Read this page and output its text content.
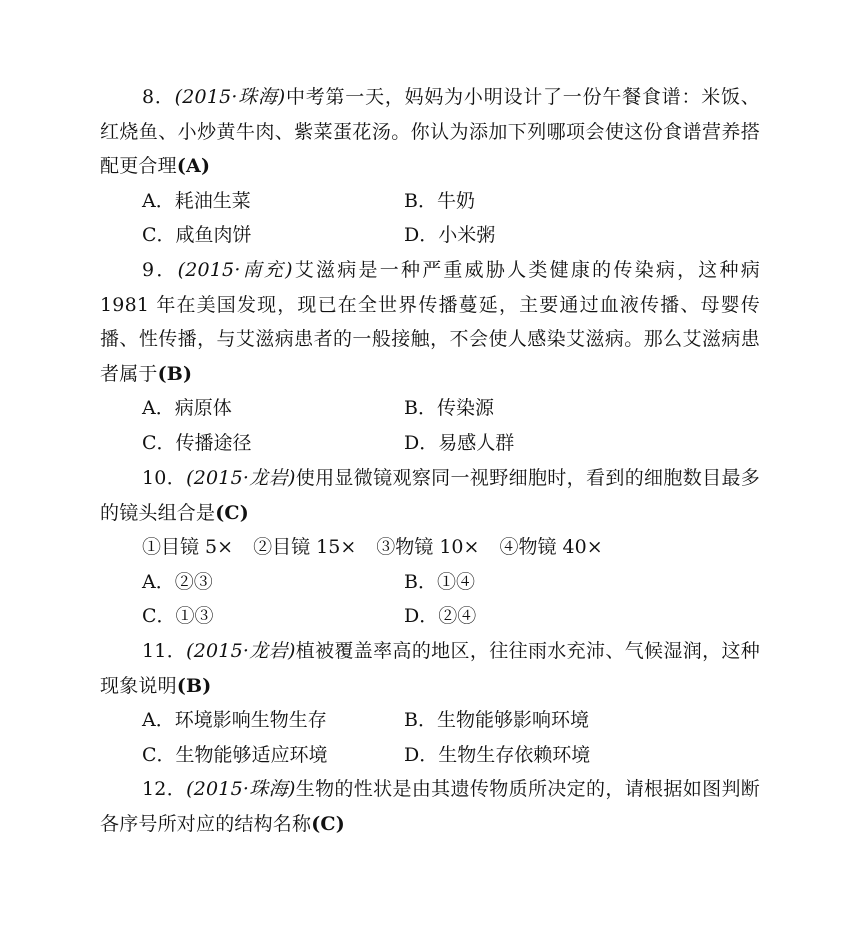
8．(2015·珠海)中考第一天，妈妈为小明设计了一份午餐食谱：米饭、红烧鱼、小炒黄牛肉、紫菜蛋花汤。你认为添加下列哪项会使这份食谱营养搭配更合理(A)

A．耗油生菜	B．牛奶
C．咸鱼肉饼	D．小米粥

9．(2015·南充)艾滋病是一种严重威胁人类健康的传染病，这种病 1981 年在美国发现，现已在全世界传播蔓延，主要通过血液传播、母婴传播、性传播，与艾滋病患者的一般接触，不会使人感染艾滋病。那么艾滋病患者属于(B)

A．病原体	B．传染源
C．传播途径	D．易感人群

10．(2015·龙岩)使用显微镜观察同一视野细胞时，看到的细胞数目最多的镜头组合是(C)

①目镜 5× ②目镜 15× ③物镜 10× ④物镜 40×
A．②③	B．①④
C．①③	D．②④

11．(2015·龙岩)植被覆盖率高的地区，往往雨水充沛、气候湿润，这种现象说明(B)

A．环境影响生物生存	B．生物能够影响环境
C．生物能够适应环境	D．生物生存依赖环境

12．(2015·珠海)生物的性状是由其遗传物质所决定的，请根据如图判断各序号所对应的结构名称(C)
